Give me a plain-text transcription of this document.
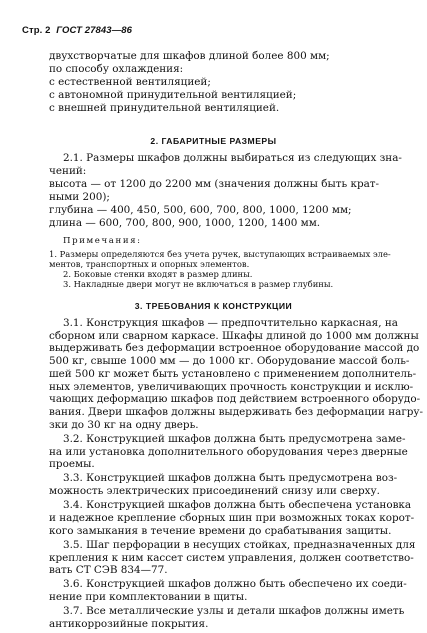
Стр. 2 ГОСТ 27843—86
двухстворчатые для шкафов длиной более 800 мм;
по способу охлаждения:
с естественной вентиляцией;
с автономной принудительной вентиляцией;
с внешней принудительной вентиляцией.
2. ГАБАРИТНЫЕ РАЗМЕРЫ
2.1. Размеры шкафов должны выбираться из следующих зна-
чений:
высота — от 1200 до 2200 мм (значения должны быть крат-
ными 200);
глубина — 400, 450, 500, 600, 700, 800, 1000, 1200 мм;
длина — 600, 700, 800, 900, 1000, 1200, 1400 мм.
Примечания:
1. Размеры определяются без учета ручек, выступающих встраиваемых эле-
ментов, транспортных и опорных элементов.
2. Боковые стенки входят в размер длины.
3. Накладные двери могут не включаться в размер глубины.
3. ТРЕБОВАНИЯ К КОНСТРУКЦИИ
3.1. Конструкция шкафов — предпочтительно каркасная, на
сборном или сварном каркасе. Шкафы длиной до 1000 мм должны
выдерживать без деформации встроенное оборудование массой до
500 кг, свыше 1000 мм — до 1000 кг. Оборудование массой боль-
шей 500 кг может быть установлено с применением дополнитель-
ных элементов, увеличивающих прочность конструкции и исклю-
чающих деформацию шкафов под действием встроенного оборудо-
вания. Двери шкафов должны выдерживать без деформации нагру-
зки до 30 кг на одну дверь.
3.2. Конструкцией шкафов должна быть предусмотрена заме-
на или установка дополнительного оборудования через дверные
проемы.
3.3. Конструкцией шкафов должна быть предусмотрена воз-
можность электрических присоединений снизу или сверху.
3.4. Конструкцией шкафов должна быть обеспечена установка
и надежное крепление сборных шин при возможных токах корот-
кого замыкания в течение времени до срабатывания защиты.
3.5. Шаг перфорации в несущих стойках, предназначенных для
крепления к ним кассет систем управления, должен соответство-
вать СТ СЭВ 834—77.
3.6. Конструкцией шкафов должно быть обеспечено их соеди-
нение при комплектовании в щиты.
3.7. Все металлические узлы и детали шкафов должны иметь
антикоррозийные покрытия.
